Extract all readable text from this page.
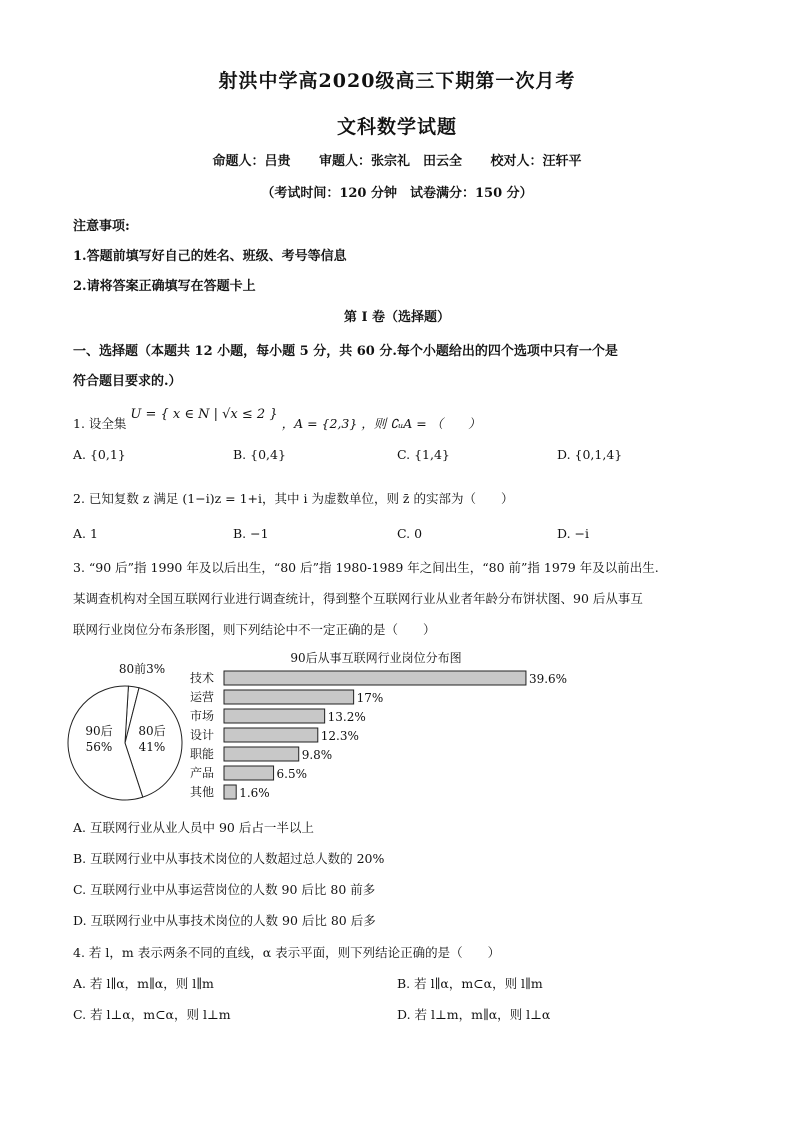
射洪中学高2020级高三下期第一次月考
文科数学试题
命题人：吕贵 审题人：张宗礼　田云全 校对人：汪轩平
（考试时间：120 分钟　试卷满分：150 分）
注意事项:
1.答题前填写好自己的姓名、班级、考号等信息
2.请将答案正确填写在答题卡上
第 I 卷（选择题）
一、选择题（本题共 12 小题，每小题 5 分，共 60 分.每个小题给出的四个选项中只有一个是
符合题目要求的.）
1. 设全集 U = { x ∈ N | √x ≤ 2 } ，A = {2,3} ，则 ∁ᵤA = （　　）
A. {0,1}	B. {0,4}	C. {1,4}	D. {0,1,4}
2. 已知复数 z 满足 (1−i)z = 1+i，其中 i 为虚数单位，则 z̄ 的实部为（　　）
A. 1	B. −1	C. 0	D. −i
3. “90 后”指 1990 年及以后出生，“80 后”指 1980-1989 年之间出生，“80 前”指 1979 年及以前出生.
某调查机构对全国互联网行业进行调查统计，得到整个互联网行业从业者年龄分布饼状图、90 后从事互
联网行业岗位分布条形图，则下列结论中不一定正确的是（　　）
90后
56%
80后
41%
80前3%
90后从事互联网行业岗位分布图
技术	39.6%
运营	17%
市场	13.2%
设计	12.3%
职能	9.8%
产品	6.5%
其他 1.6%
A. 互联网行业从业人员中 90 后占一半以上
B. 互联网行业中从事技术岗位的人数超过总人数的 20%
C. 互联网行业中从事运营岗位的人数 90 后比 80 前多
D. 互联网行业中从事技术岗位的人数 90 后比 80 后多
4. 若 l，m 表示两条不同的直线，α 表示平面，则下列结论正确的是（　　）
A. 若 l∥α，m∥α，则 l∥m	B. 若 l∥α，m⊂α，则 l∥m
C. 若 l⊥α，m⊂α，则 l⊥m	D. 若 l⊥m，m∥α，则 l⊥α
